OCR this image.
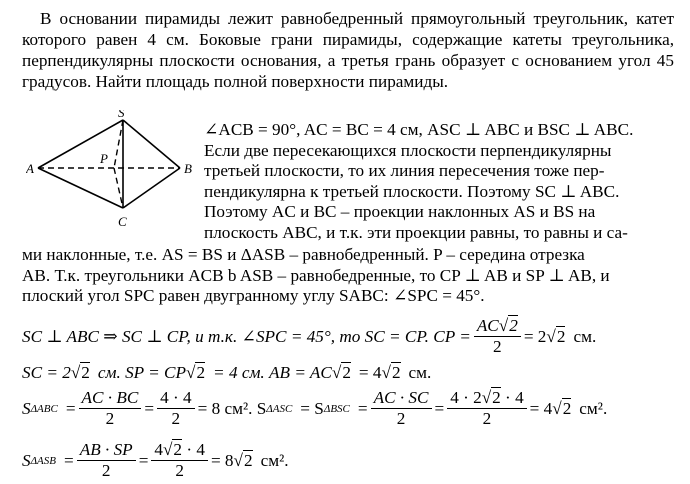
В основании пирамиды лежит равнобедренный прямоугольный треугольник, катет которого равен 4 см. Боковые грани пирамиды, содержащие катеты треугольника, перпендикулярны плоскости основания, а третья грань образует с основанием угол 45 градусов. Найти площадь полной поверхности пирамиды.
S
A	B
P
C
∠ACB = 90°, AC = BC = 4 см, ASC ⊥ ABC и BSC ⊥ ABC.
Если две пересекающихся плоскости перпендикулярны
третьей плоскости, то их линия пересечения тоже пер-
пендикулярна к третьей плоскости. Поэтому SC ⊥ ABC.
Поэтому AC и BC – проекции наклонных AS и BS на
плоскость ABC, и т.к. эти проекции равны, то равны и са-
ми наклонные, т.е. AS = BS и ΔASB – равнобедренный. P – середина отрезка
AB. Т.к. треугольники ACB b ASB – равнобедренные, то CP ⊥ AB и SP ⊥ AB, и
плоский угол SPC равен двугранному углу SABC: ∠SPC = 45°.
SC ⊥ ABC ⇒ SC ⊥ CP, и т.к. ∠SPC = 45°, то SC = CP. CP = $\frac{AC√2}{2} = 2$ √ 2 см.
SC = 2 √ 2 см. SP = CP √ 2 = 4 см. AB = AC √ 2 = 4 √ 2 см.
S $\Delta ABC = \frac{AC \cdot BC}{2} = \frac{4 \cdot 4}{2} = 8$ см². S ΔASC = S $\Delta BSC = \frac{AC \cdot SC}{2} = \frac{4 \cdot 2√2 \cdot 4}{2} = 4$ √ 2 см².
S $\Delta ASB = \frac{AB \cdot SP}{2} = \frac{4√2 \cdot 4}{2} = 8$ √ 2 см².
